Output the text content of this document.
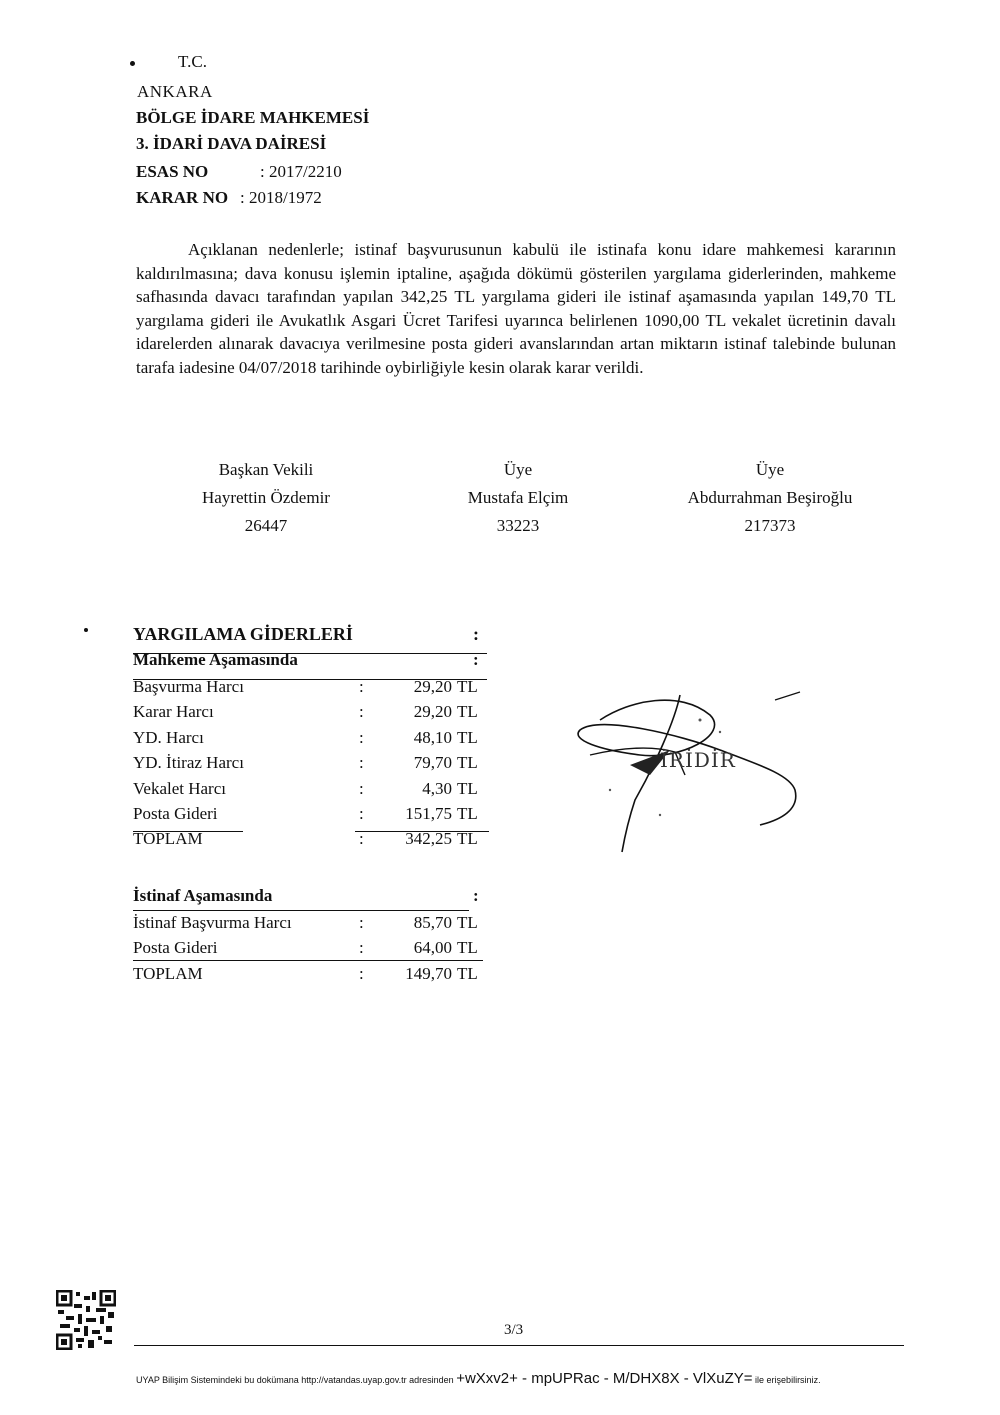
T.C.
ANKARA
BÖLGE İDARE MAHKEMESİ
3. İDARİ DAVA DAİRESİ
ESAS NO	: 2017/2210
KARAR NO : 2018/1972
Açıklanan nedenlerle; istinaf başvurusunun kabulü ile istinafa konu idare mahkemesi kararının kaldırılmasına; dava konusu işlemin iptaline, aşağıda dökümü gösterilen yargılama giderlerinden, mahkeme safhasında davacı tarafından yapılan 342,25 TL yargılama gideri ile istinaf aşamasında yapılan 149,70 TL yargılama gideri ile Avukatlık Asgari Ücret Tarifesi uyarınca belirlenen 1090,00 TL vekalet ücretinin davalı idarelerden alınarak davacıya verilmesine posta gideri avanslarından artan miktarın istinaf talebinde bulunan tarafa iadesine 04/07/2018 tarihinde oybirliğiyle kesin olarak karar verildi.
Başkan Vekili
Hayrettin Özdemir
26447
Üye
Mustafa Elçim
33223
Üye
Abdurrahman Beşiroğlu
217373
YARGILAMA GİDERLERİ	:
Mahkeme Aşamasında	:
Başvurma Harcı	:	29,20 TL
Karar Harcı	:	29,20 TL
YD. Harcı	:	48,10 TL
YD. İtiraz Harcı	:	79,70 TL
Vekalet Harcı	:	4,30 TL
Posta Gideri	:	151,75 TL
TOPLAM	:	342,25 TL
İstinaf Aşamasında	:
İstinaf Başvurma Harcı	:	85,70 TL
Posta Gideri	:	64,00 TL
TOPLAM	:	149,70 TL
İRİDİR
3/3
UYAP Bilişim Sistemindeki bu dokümana http://vatandas.uyap.gov.tr adresinden +wXxv2+ - mpUPRac - M/DHX8X - VlXuZY= ile erişebilirsiniz.
